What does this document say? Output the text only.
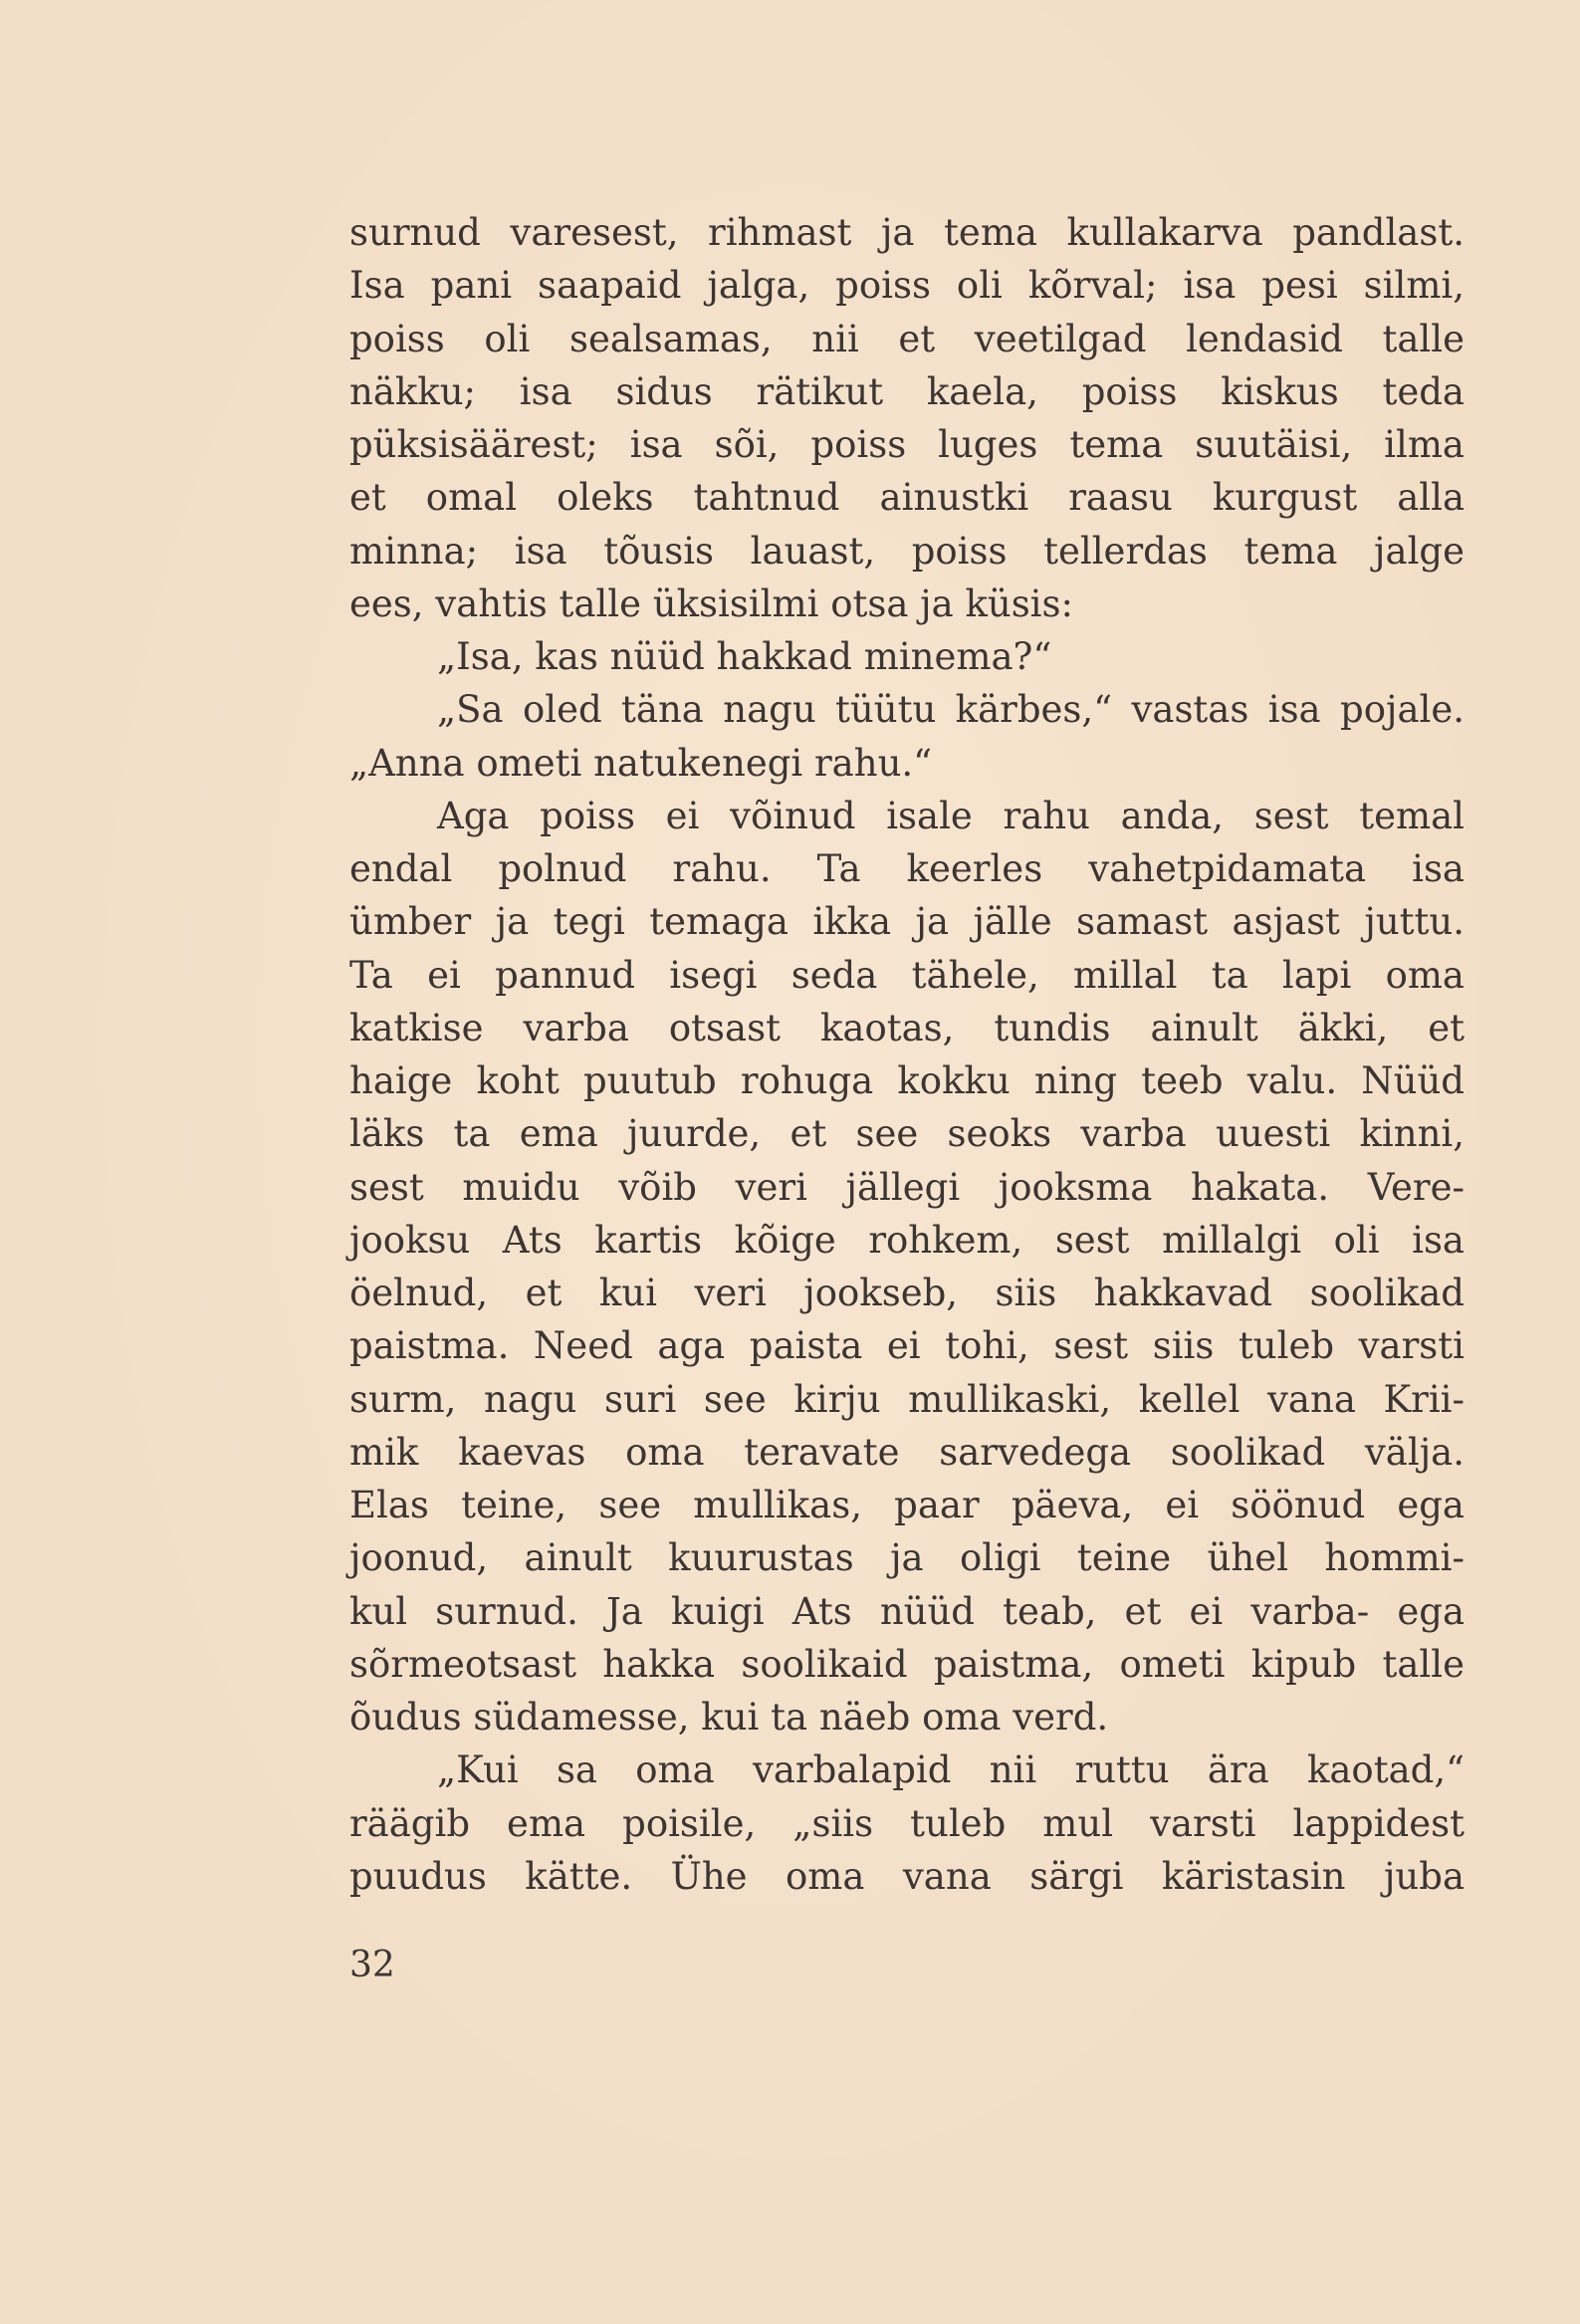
surnud varesest, rihmast ja tema kullakarva pandlast.
Isa pani saapaid jalga, poiss oli kõrval; isa pesi silmi,
poiss oli sealsamas, nii et veetilgad lendasid talle
näkku; isa sidus rätikut kaela, poiss kiskus teda
püksisäärest; isa sõi, poiss luges tema suutäisi, ilma
et omal oleks tahtnud ainustki raasu kurgust alla
minna; isa tõusis lauast, poiss tellerdas tema jalge
ees, vahtis talle üksisilmi otsa ja küsis:
„Isa, kas nüüd hakkad minema?“
„Sa oled täna nagu tüütu kärbes,“ vastas isa pojale.
„Anna ometi natukenegi rahu.“
Aga poiss ei võinud isale rahu anda, sest temal
endal polnud rahu. Ta keerles vahetpidamata isa
ümber ja tegi temaga ikka ja jälle samast asjast juttu.
Ta ei pannud isegi seda tähele, millal ta lapi oma
katkise varba otsast kaotas, tundis ainult äkki, et
haige koht puutub rohuga kokku ning teeb valu. Nüüd
läks ta ema juurde, et see seoks varba uuesti kinni,
sest muidu võib veri jällegi jooksma hakata. Vere-
jooksu Ats kartis kõige rohkem, sest millalgi oli isa
öelnud, et kui veri jookseb, siis hakkavad soolikad
paistma. Need aga paista ei tohi, sest siis tuleb varsti
surm, nagu suri see kirju mullikaski, kellel vana Krii-
mik kaevas oma teravate sarvedega soolikad välja.
Elas teine, see mullikas, paar päeva, ei söönud ega
joonud, ainult kuurustas ja oligi teine ühel hommi-
kul surnud. Ja kuigi Ats nüüd teab, et ei varba- ega
sõrmeotsast hakka soolikaid paistma, ometi kipub talle
õudus südamesse, kui ta näeb oma verd.
„Kui sa oma varbalapid nii ruttu ära kaotad,“
räägib ema poisile, „siis tuleb mul varsti lappidest
puudus kätte. Ühe oma vana särgi käristasin juba
32
